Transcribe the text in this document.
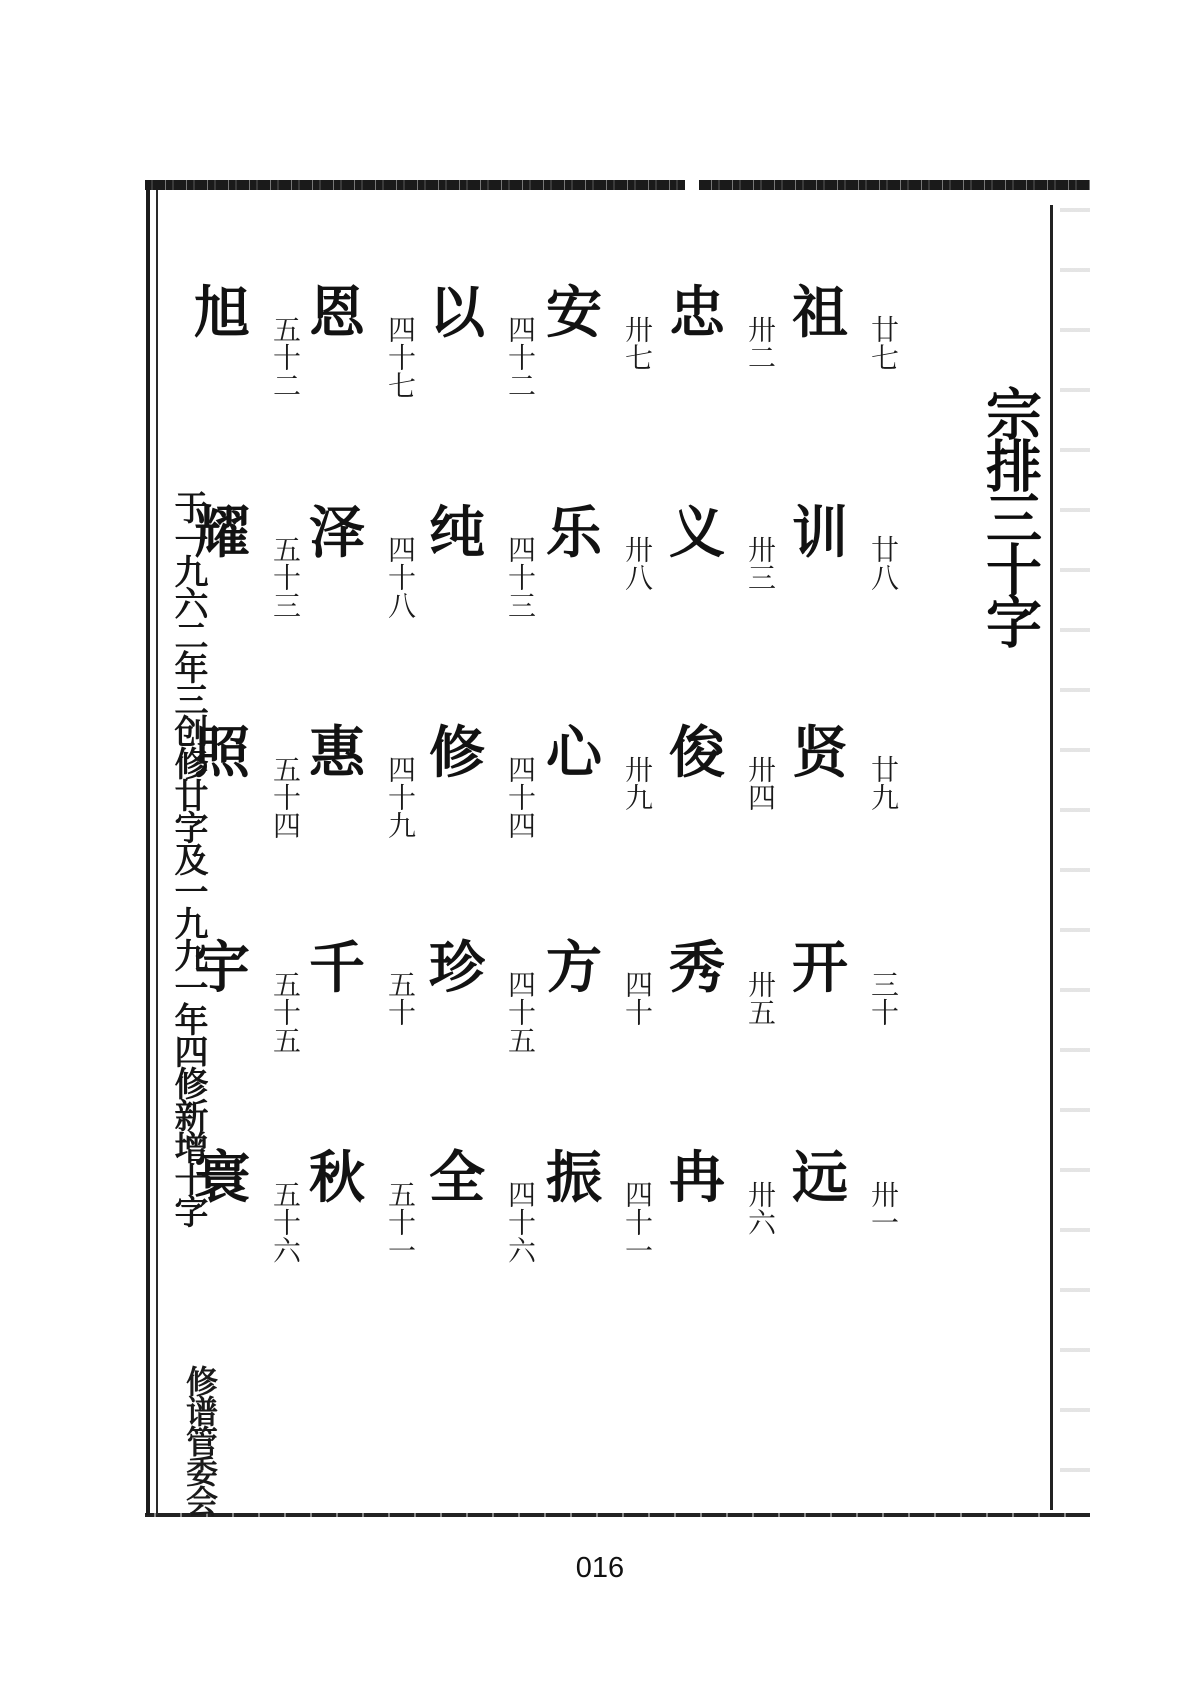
宗排三十字
廿七
祖
廿八
训
廿九
贤
三十
开
卅一
远
卅二
忠
卅三
义
卅四
俊
卅五
秀
卅六
冉
卅七
安
卅八
乐
卅九
心
四十
方
四十一
振
四十二
以
四十三
纯
四十四
修
四十五
珍
四十六
全
四十七
恩
四十八
泽
四十九
惠
五十
千
五十一
秋
五十二
旭
五十三
耀
五十四
照
五十五
宇
五十六
寰
于一九六二年三创修廿字及一九九一年四修新增十字
修谱管委会
016
